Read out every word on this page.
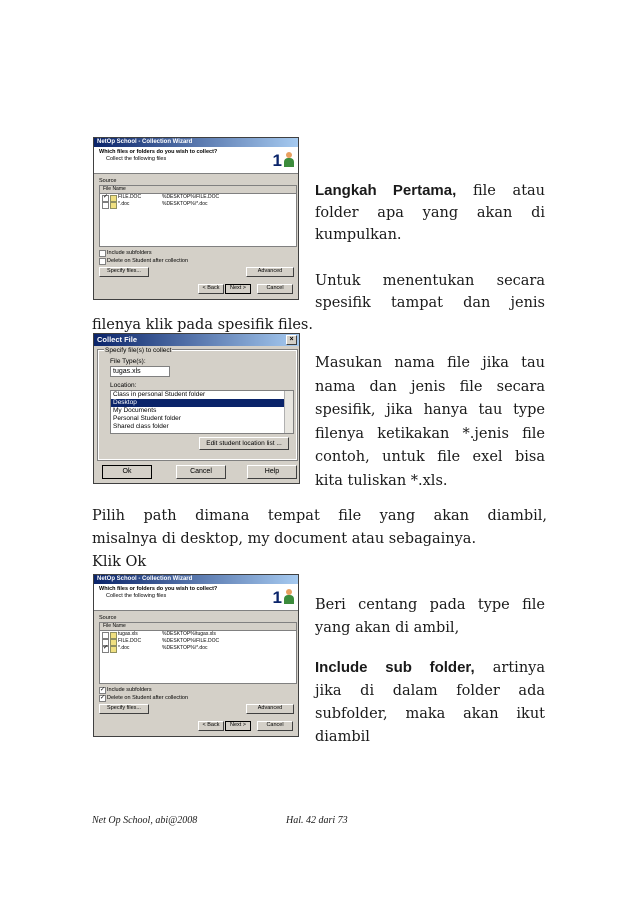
NetOp School - Collection Wizard
Which files or folders do you wish to collect?
Collect the following files	1
Source
File Name
✓
FILE.DOC	%DESKTOP%\FILE.DOC
*.doc	%DESKTOP%\*.doc
Include subfolders
Delete on Student after collection
Specify files...	Advanced
< Back	Next >	Cancel
Langkah Pertama, file atau
folder apa yang akan di
kumpulkan.
Untuk menentukan secara
spesifik tampat dan jenis
filenya klik pada spesifik files.
Collect File	×
Specify file(s) to collect
File Type(s):
tugas.xls
Location:
Class in personal Student folder
Desktop
My Documents
Personal Student folder
Shared class folder
Edit student location list ...
Ok	Cancel	Help
Masukan nama file jika tau
nama dan jenis file secara
spesifik, jika hanya tau type
filenya ketikakan *.jenis file
contoh, untuk file exel bisa
kita tuliskan *.xls.
Pilih path dimana tempat file yang akan diambil,
misalnya di desktop, my document atau sebagainya.
Klik Ok
NetOp School - Collection Wizard
Which files or folders do you wish to collect?
Collect the following files	1
Source
File Name
tugas.xls	%DESKTOP%\tugas.xls
FILE.DOC	%DESKTOP%\FILE.DOC
✓
*.doc	%DESKTOP%\*.doc
✓
Include subfolders
✓
Delete on Student after collection
Specify files...	Advanced
< Back	Next >	Cancel
Beri centang pada type file
yang akan di ambil,
Include sub folder, artinya
jika di dalam folder ada
subfolder, maka akan ikut
diambil
Net Op School, abi@2008	Hal. 42 dari 73
